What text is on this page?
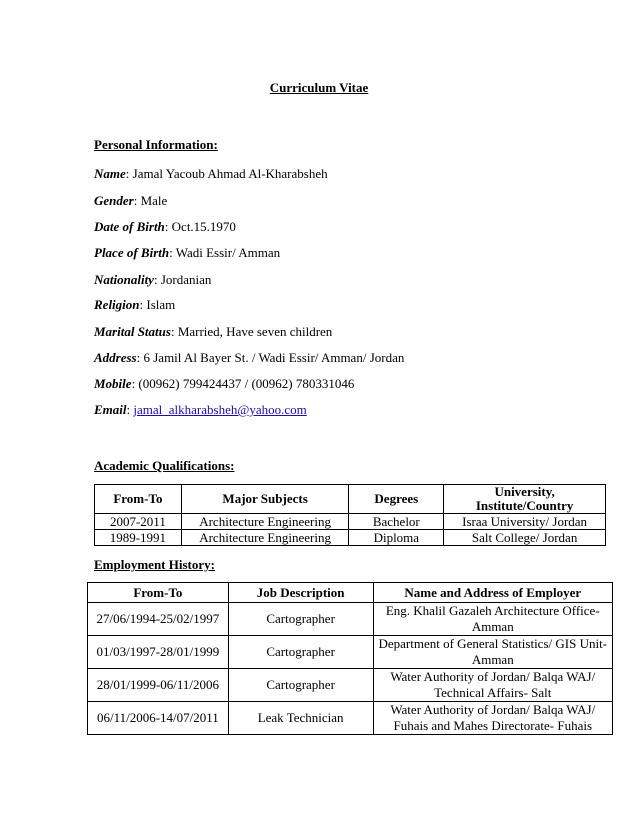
Curriculum Vitae
Personal Information:
Name: Jamal Yacoub Ahmad Al-Kharabsheh
Gender: Male
Date of Birth: Oct.15.1970
Place of Birth: Wadi Essir/ Amman
Nationality: Jordanian
Religion: Islam
Marital Status: Married, Have seven children
Address: 6 Jamil Al Bayer St. / Wadi Essir/ Amman/ Jordan
Mobile: (00962) 799424437 / (00962) 780331046
Email: jamal_alkharabsheh@yahoo.com
Academic Qualifications:
From-To	Major Subjects	Degrees	University, Institute/Country
2007-2011	Architecture Engineering	Bachelor	Israa University/ Jordan
1989-1991	Architecture Engineering	Diploma	Salt College/ Jordan
Employment History:
From-To	Job Description	Name and Address of Employer
27/06/1994-25/02/1997	Cartographer	Eng. Khalil Gazaleh Architecture Office-Amman
01/03/1997-28/01/1999	Cartographer	Department of General Statistics/ GIS Unit-Amman
28/01/1999-06/11/2006	Cartographer	Water Authority of Jordan/ Balqa WAJ/ Technical Affairs- Salt
06/11/2006-14/07/2011	Leak Technician	Water Authority of Jordan/ Balqa WAJ/ Fuhais and Mahes Directorate- Fuhais
